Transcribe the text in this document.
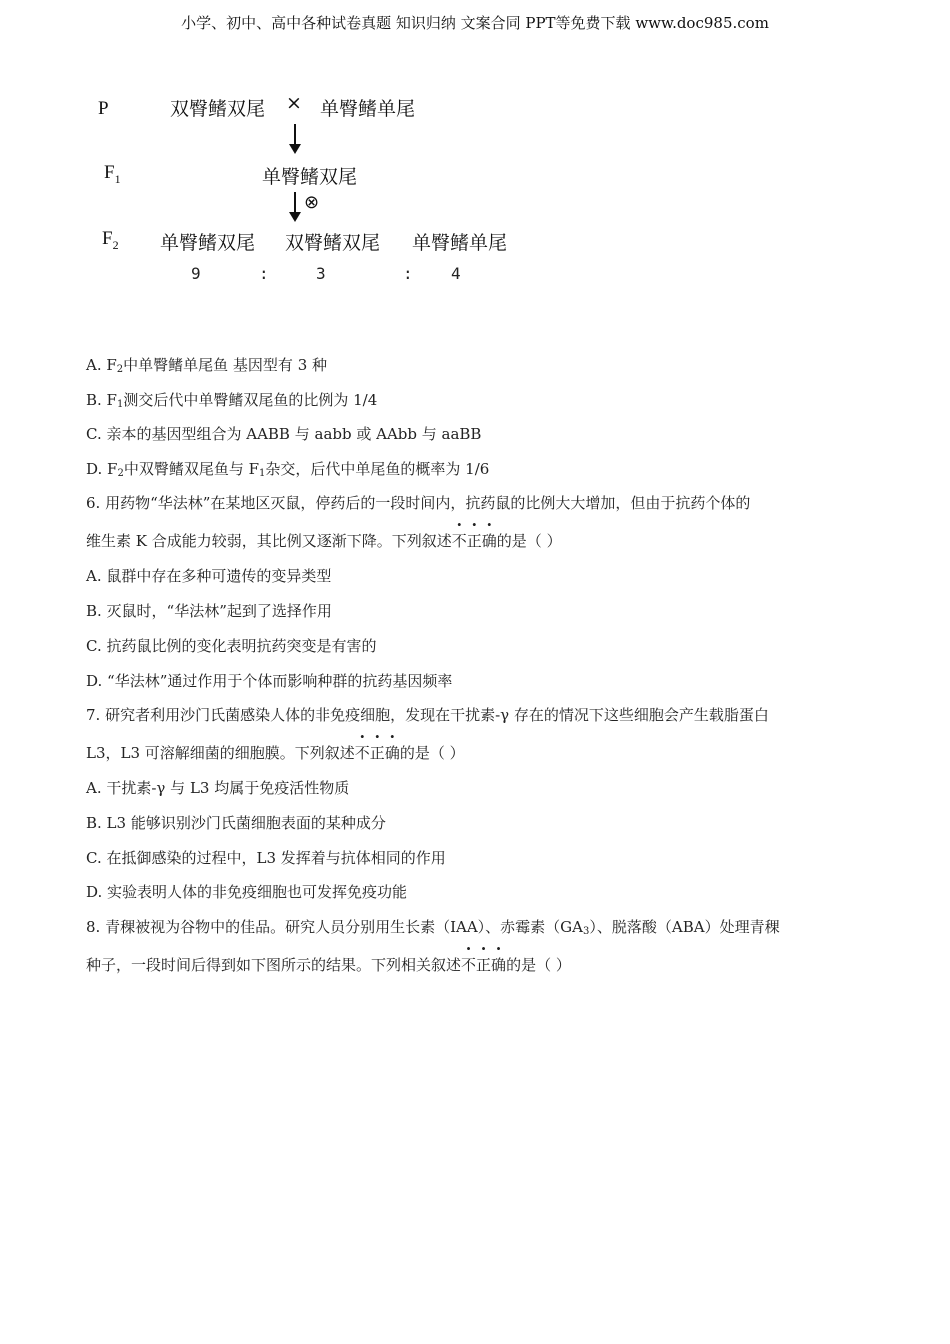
小学、初中、高中各种试卷真题 知识归纳 文案合同 PPT等免费下载 www.doc985.com
P	双臀鳍双尾 × 单臀鳍单尾
$F_1$	单臀鳍双尾
⊗
$F_2$ 单臀鳍双尾 双臀鳍双尾 单臀鳍单尾
9	:	3	: 4

A. $F_2$中单臀鳍单尾鱼 基因型有 3 种

B. $F_1$测交后代中单臀鳍双尾鱼的比例为 1/4

C. 亲本的基因型组合为 AABB 与 aabb 或 AAbb 与 aaBB

D. $F_2$中双臀鳍双尾鱼与 $F_1$杂交，后代中单尾鱼的概率为 1/6

6. 用药物“华法林”在某地区灭鼠，停药后的一段时间内，抗药鼠的比例大大增加，但由于抗药个体的

维生素 K 合成能力较弱，其比例又逐渐下降。下列叙述不正确的是（ ）

A. 鼠群中存在多种可遗传的变异类型

B. 灭鼠时，“华法林”起到了选择作用

C. 抗药鼠比例的变化表明抗药突变是有害的

D. “华法林”通过作用于个体而影响种群的抗药基因频率

7. 研究者利用沙门氏菌感染人体的非免疫细胞，发现在干扰素-γ 存在的情况下这些细胞会产生载脂蛋白

L3，L3 可溶解细菌的细胞膜。下列叙述不正确的是（ ）

A. 干扰素-γ 与 L3 均属于免疫活性物质

B. L3 能够识别沙门氏菌细胞表面的某种成分

C. 在抵御感染的过程中，L3 发挥着与抗体相同的作用

D. 实验表明人体的非免疫细胞也可发挥免疫功能

8. 青稞被视为谷物中的佳品。研究人员分别用生长素（IAA）、赤霉素$(GA_3)$、脱落酸（ABA）处理青稞

种子，一段时间后得到如下图所示的结果。下列相关叙述不正确的是（ ）
